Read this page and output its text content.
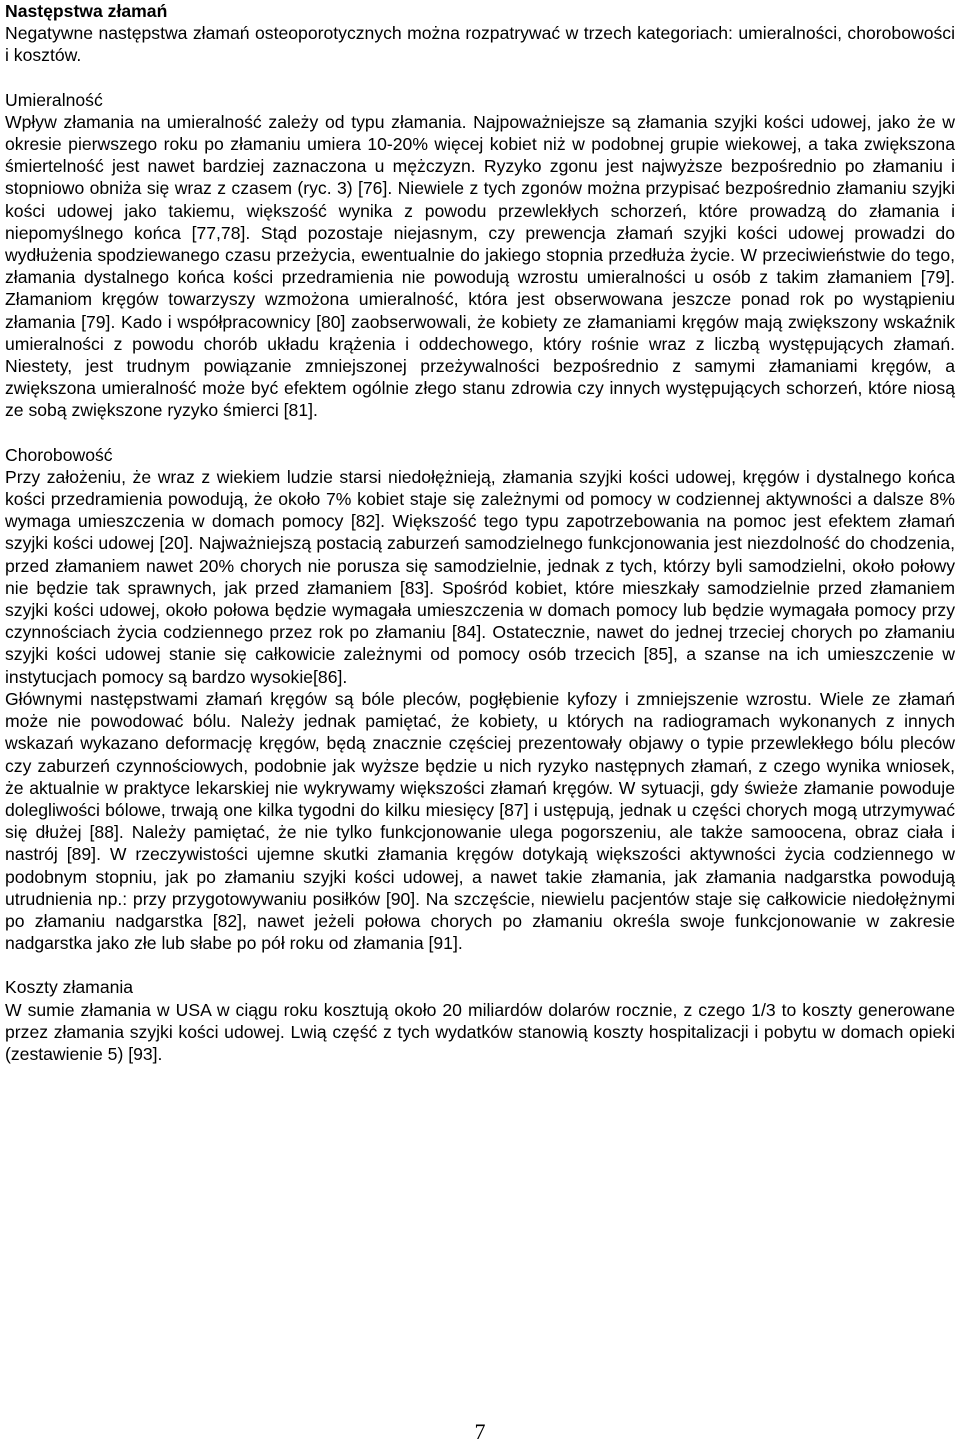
Następstwa złamań

Negatywne następstwa złamań osteoporotycznych można rozpatrywać w trzech kategoriach: umieralności, chorobowości i kosztów.

Umieralność

Wpływ złamania na umieralność zależy od typu złamania. Najpoważniejsze są złamania szyjki kości udowej, jako że w okresie pierwszego roku po złamaniu umiera 10-20% więcej kobiet niż w podobnej grupie wiekowej, a taka zwiększona śmiertelność jest nawet bardziej zaznaczona u mężczyzn. Ryzyko zgonu jest najwyższe bezpośrednio po złamaniu i stopniowo obniża się wraz z czasem (ryc. 3) [76]. Niewiele z tych zgonów można przypisać bezpośrednio złamaniu szyjki kości udowej jako takiemu, większość wynika z powodu przewlekłych schorzeń, które prowadzą do złamania i niepomyślnego końca [77,78]. Stąd pozostaje niejasnym, czy prewencja złamań szyjki kości udowej prowadzi do wydłużenia spodziewanego czasu przeżycia, ewentualnie do jakiego stopnia przedłuża życie. W przeciwieństwie do tego, złamania dystalnego końca kości przedramienia nie powodują wzrostu umieralności u osób z takim złamaniem [79]. Złamaniom kręgów towarzyszy wzmożona umieralność, która jest obserwowana jeszcze ponad rok po wystąpieniu złamania [79]. Kado i współpracownicy [80] zaobserwowali, że kobiety ze złamaniami kręgów mają zwiększony wskaźnik umieralności z powodu chorób układu krążenia i oddechowego, który rośnie wraz z liczbą występujących złamań. Niestety, jest trudnym powiązanie zmniejszonej przeżywalności bezpośrednio z samymi złamaniami kręgów, a zwiększona umieralność może być efektem ogólnie złego stanu zdrowia czy innych występujących schorzeń, które niosą ze sobą zwiększone ryzyko śmierci [81].

Chorobowość

Przy założeniu, że wraz z wiekiem ludzie starsi niedołężnieją, złamania szyjki kości udowej, kręgów i dystalnego końca kości przedramienia powodują, że około 7% kobiet staje się zależnymi od pomocy w codziennej aktywności a dalsze 8% wymaga umieszczenia w domach pomocy [82]. Większość tego typu zapotrzebowania na pomoc jest efektem złamań szyjki kości udowej [20]. Najważniejszą postacią zaburzeń samodzielnego funkcjonowania jest niezdolność do chodzenia, przed złamaniem nawet 20% chorych nie porusza się samodzielnie, jednak z tych, którzy byli samodzielni, około połowy nie będzie tak sprawnych, jak przed złamaniem [83]. Spośród kobiet, które mieszkały samodzielnie przed złamaniem szyjki kości udowej, około połowa będzie wymagała umieszczenia w domach pomocy lub będzie wymagała pomocy przy czynnościach życia codziennego przez rok po złamaniu [84]. Ostatecznie, nawet do jednej trzeciej chorych po złamaniu szyjki kości udowej stanie się całkowicie zależnymi od pomocy osób trzecich [85], a szanse na ich umieszczenie w instytucjach pomocy są bardzo wysokie[86].

Głównymi następstwami złamań kręgów są bóle pleców, pogłębienie kyfozy i zmniejszenie wzrostu. Wiele ze złamań może nie powodować bólu. Należy jednak pamiętać, że kobiety, u których na radiogramach wykonanych z innych wskazań wykazano deformację kręgów, będą znacznie częściej prezentowały objawy o typie przewlekłego bólu pleców czy zaburzeń czynnościowych, podobnie jak wyższe będzie u nich ryzyko następnych złamań, z czego wynika wniosek, że aktualnie w praktyce lekarskiej nie wykrywamy większości złamań kręgów. W sytuacji, gdy świeże złamanie powoduje dolegliwości bólowe, trwają one kilka tygodni do kilku miesięcy [87] i ustępują, jednak u części chorych mogą utrzymywać się dłużej [88]. Należy pamiętać, że nie tylko funkcjonowanie ulega pogorszeniu, ale także samoocena, obraz ciała i nastrój [89]. W rzeczywistości ujemne skutki złamania kręgów dotykają większości aktywności życia codziennego w podobnym stopniu, jak po złamaniu szyjki kości udowej, a nawet takie złamania, jak złamania nadgarstka powodują utrudnienia np.: przy przygotowywaniu posiłków [90]. Na szczęście, niewielu pacjentów staje się całkowicie niedołężnymi po złamaniu nadgarstka [82], nawet jeżeli połowa chorych po złamaniu określa swoje funkcjonowanie w zakresie nadgarstka jako złe lub słabe po pół roku od złamania [91].

Koszty złamania

W sumie złamania w USA w ciągu roku kosztują około 20 miliardów dolarów rocznie, z czego 1/3 to koszty generowane przez złamania szyjki kości udowej. Lwią część z tych wydatków stanowią koszty hospitalizacji i pobytu w domach opieki (zestawienie 5) [93].

7
